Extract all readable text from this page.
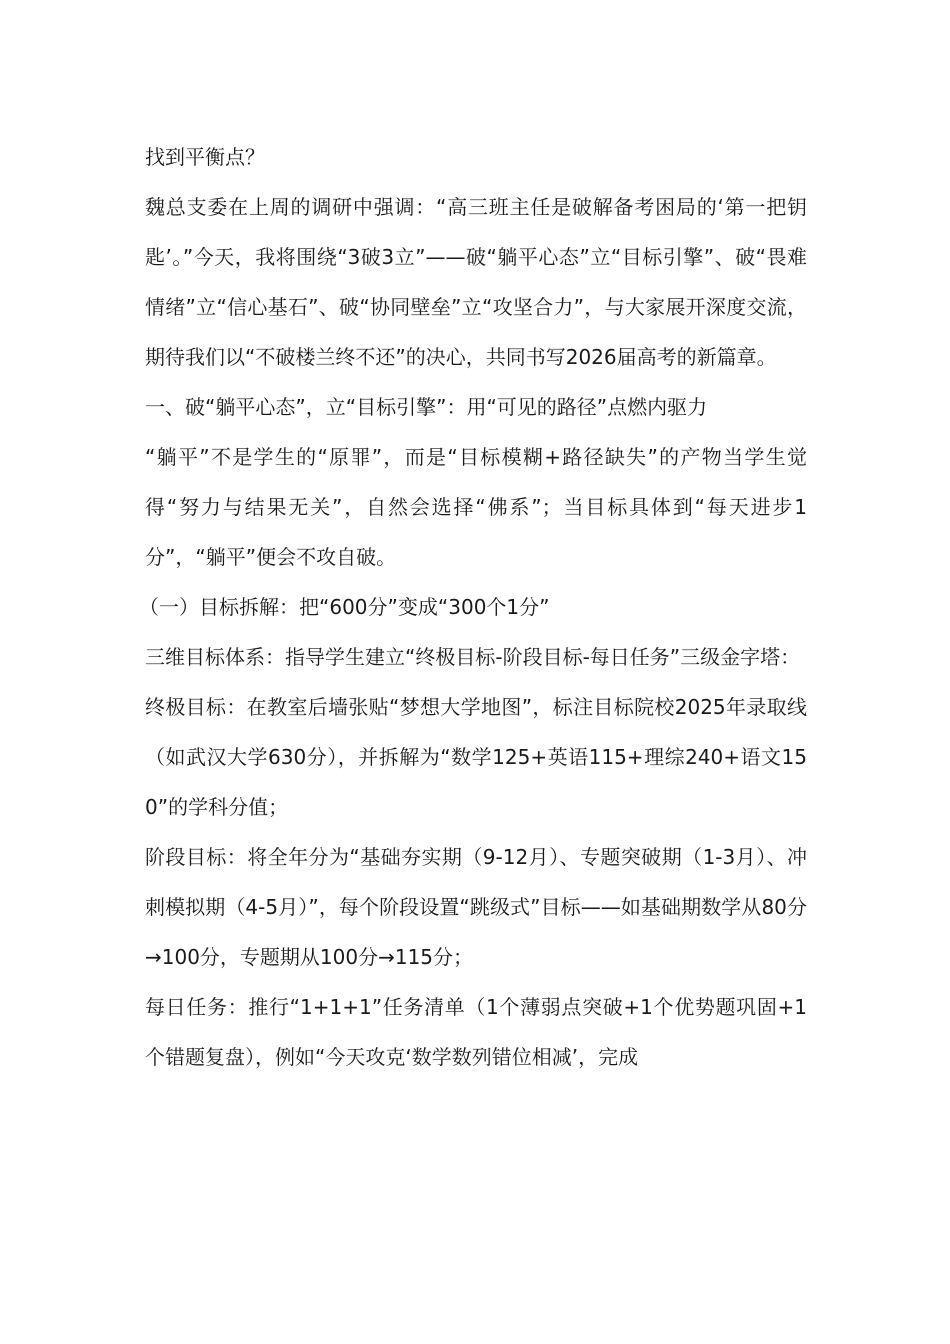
找到平衡点？

魏总支委在上周的调研中强调：“高三班主任是破解备考困局的‘第一把钥匙’。”今天，我将围绕“3破3立”——破“躺平心态”立“目标引擎”、破“畏难情绪”立“信心基石”、破“协同壁垒”立“攻坚合力”，与大家展开深度交流，期待我们以“不破楼兰终不还”的决心，共同书写2026届高考的新篇章。

一、破“躺平心态”，立“目标引擎”：用“可见的路径”点燃内驱力

“躺平”不是学生的“原罪”，而是“目标模糊+路径缺失”的产物当学生觉得“努力与结果无关”，自然会选择“佛系”；当目标具体到“每天进步1分”，“躺平”便会不攻自破。

（一）目标拆解：把“600分”变成“300个1分”

三维目标体系：指导学生建立“终极目标-阶段目标-每日任务”三级金字塔：

终极目标：在教室后墙张贴“梦想大学地图”，标注目标院校2025年录取线（如武汉大学630分），并拆解为“数学125+英语115+理综240+语文150”的学科分值；

阶段目标：将全年分为“基础夯实期（9-12月）、专题突破期（1-3月）、冲刺模拟期（4-5月）”，每个阶段设置“跳级式”目标——如基础期数学从80分→100分，专题期从100分→115分；

每日任务：推行“1+1+1”任务清单（1个薄弱点突破+1个优势题巩固+1个错题复盘），例如“今天攻克‘数学数列错位相减’，完成
